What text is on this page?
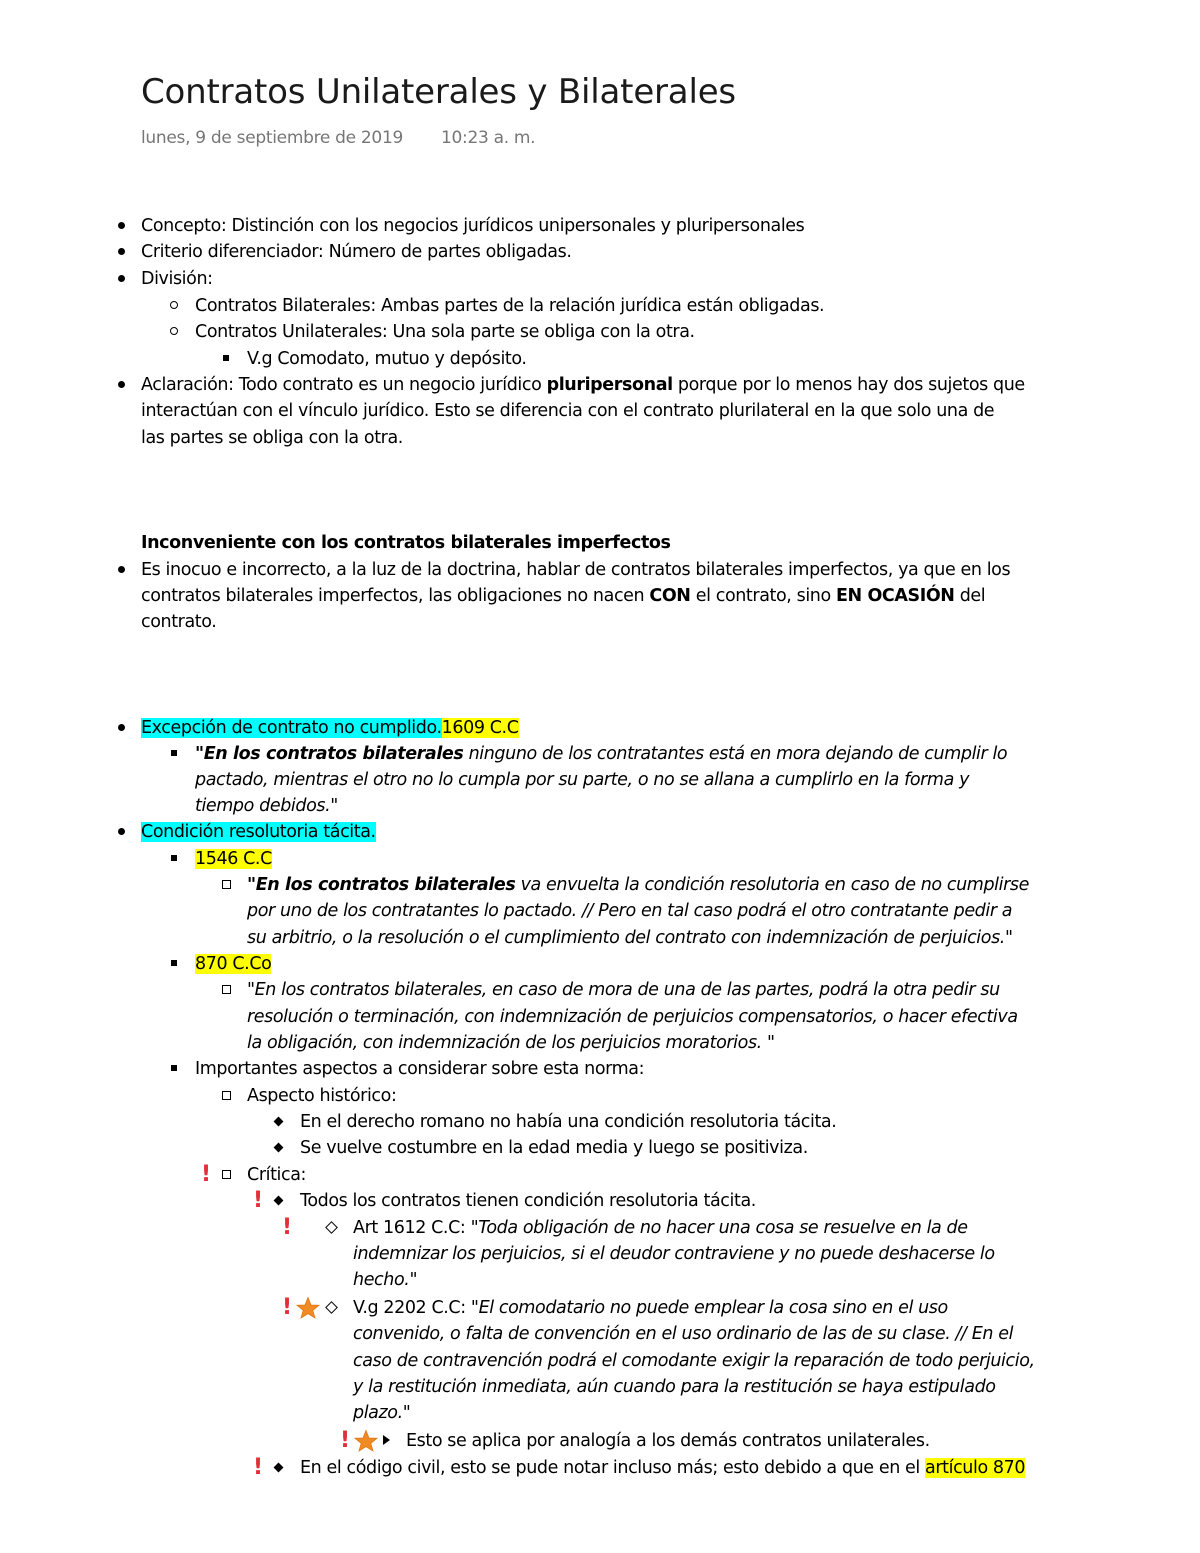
Contratos Unilaterales y Bilaterales
lunes, 9 de septiembre de 2019 10:23 a. m.
Concepto: Distinción con los negocios jurídicos unipersonales y pluripersonales
Criterio diferenciador: Número de partes obligadas.
División:
Contratos Bilaterales: Ambas partes de la relación jurídica están obligadas.
Contratos Unilaterales: Una sola parte se obliga con la otra.
V.g Comodato, mutuo y depósito.
Aclaración: Todo contrato es un negocio jurídico pluripersonal porque por lo menos hay dos sujetos que
interactúan con el vínculo jurídico. Esto se diferencia con el contrato plurilateral en la que solo una de
las partes se obliga con la otra.
Inconveniente con los contratos bilaterales imperfectos
Es inocuo e incorrecto, a la luz de la doctrina, hablar de contratos bilaterales imperfectos, ya que en los
contratos bilaterales imperfectos, las obligaciones no nacen CON el contrato, sino EN OCASIÓN del
contrato.
Excepción de contrato no cumplido.1609 C.C
"En los contratos bilaterales ninguno de los contratantes está en mora dejando de cumplir lo
pactado, mientras el otro no lo cumpla por su parte, o no se allana a cumplirlo en la forma y
tiempo debidos."
Condición resolutoria tácita.
1546 C.C
"En los contratos bilaterales va envuelta la condición resolutoria en caso de no cumplirse
por uno de los contratantes lo pactado. // Pero en tal caso podrá el otro contratante pedir a
su arbitrio, o la resolución o el cumplimiento del contrato con indemnización de perjuicios."
870 C.Co
"En los contratos bilaterales, en caso de mora de una de las partes, podrá la otra pedir su
resolución o terminación, con indemnización de perjuicios compensatorios, o hacer efectiva
la obligación, con indemnización de los perjuicios moratorios. "
Importantes aspectos a considerar sobre esta norma:
Aspecto histórico:
En el derecho romano no había una condición resolutoria tácita.
Se vuelve costumbre en la edad media y luego se positiviza.
! Crítica:
! Todos los contratos tienen condición resolutoria tácita.
!	Art 1612 C.C: "Toda obligación de no hacer una cosa se resuelve en la de
indemnizar los perjuicios, si el deudor contraviene y no puede deshacerse lo
hecho."
!	V.g 2202 C.C: "El comodatario no puede emplear la cosa sino en el uso
convenido, o falta de convención en el uso ordinario de las de su clase. // En el
caso de contravención podrá el comodante exigir la reparación de todo perjuicio,
y la restitución inmediata, aún cuando para la restitución se haya estipulado
plazo."
!	Esto se aplica por analogía a los demás contratos unilaterales.
! En el código civil, esto se pude notar incluso más; esto debido a que en el artículo 870
